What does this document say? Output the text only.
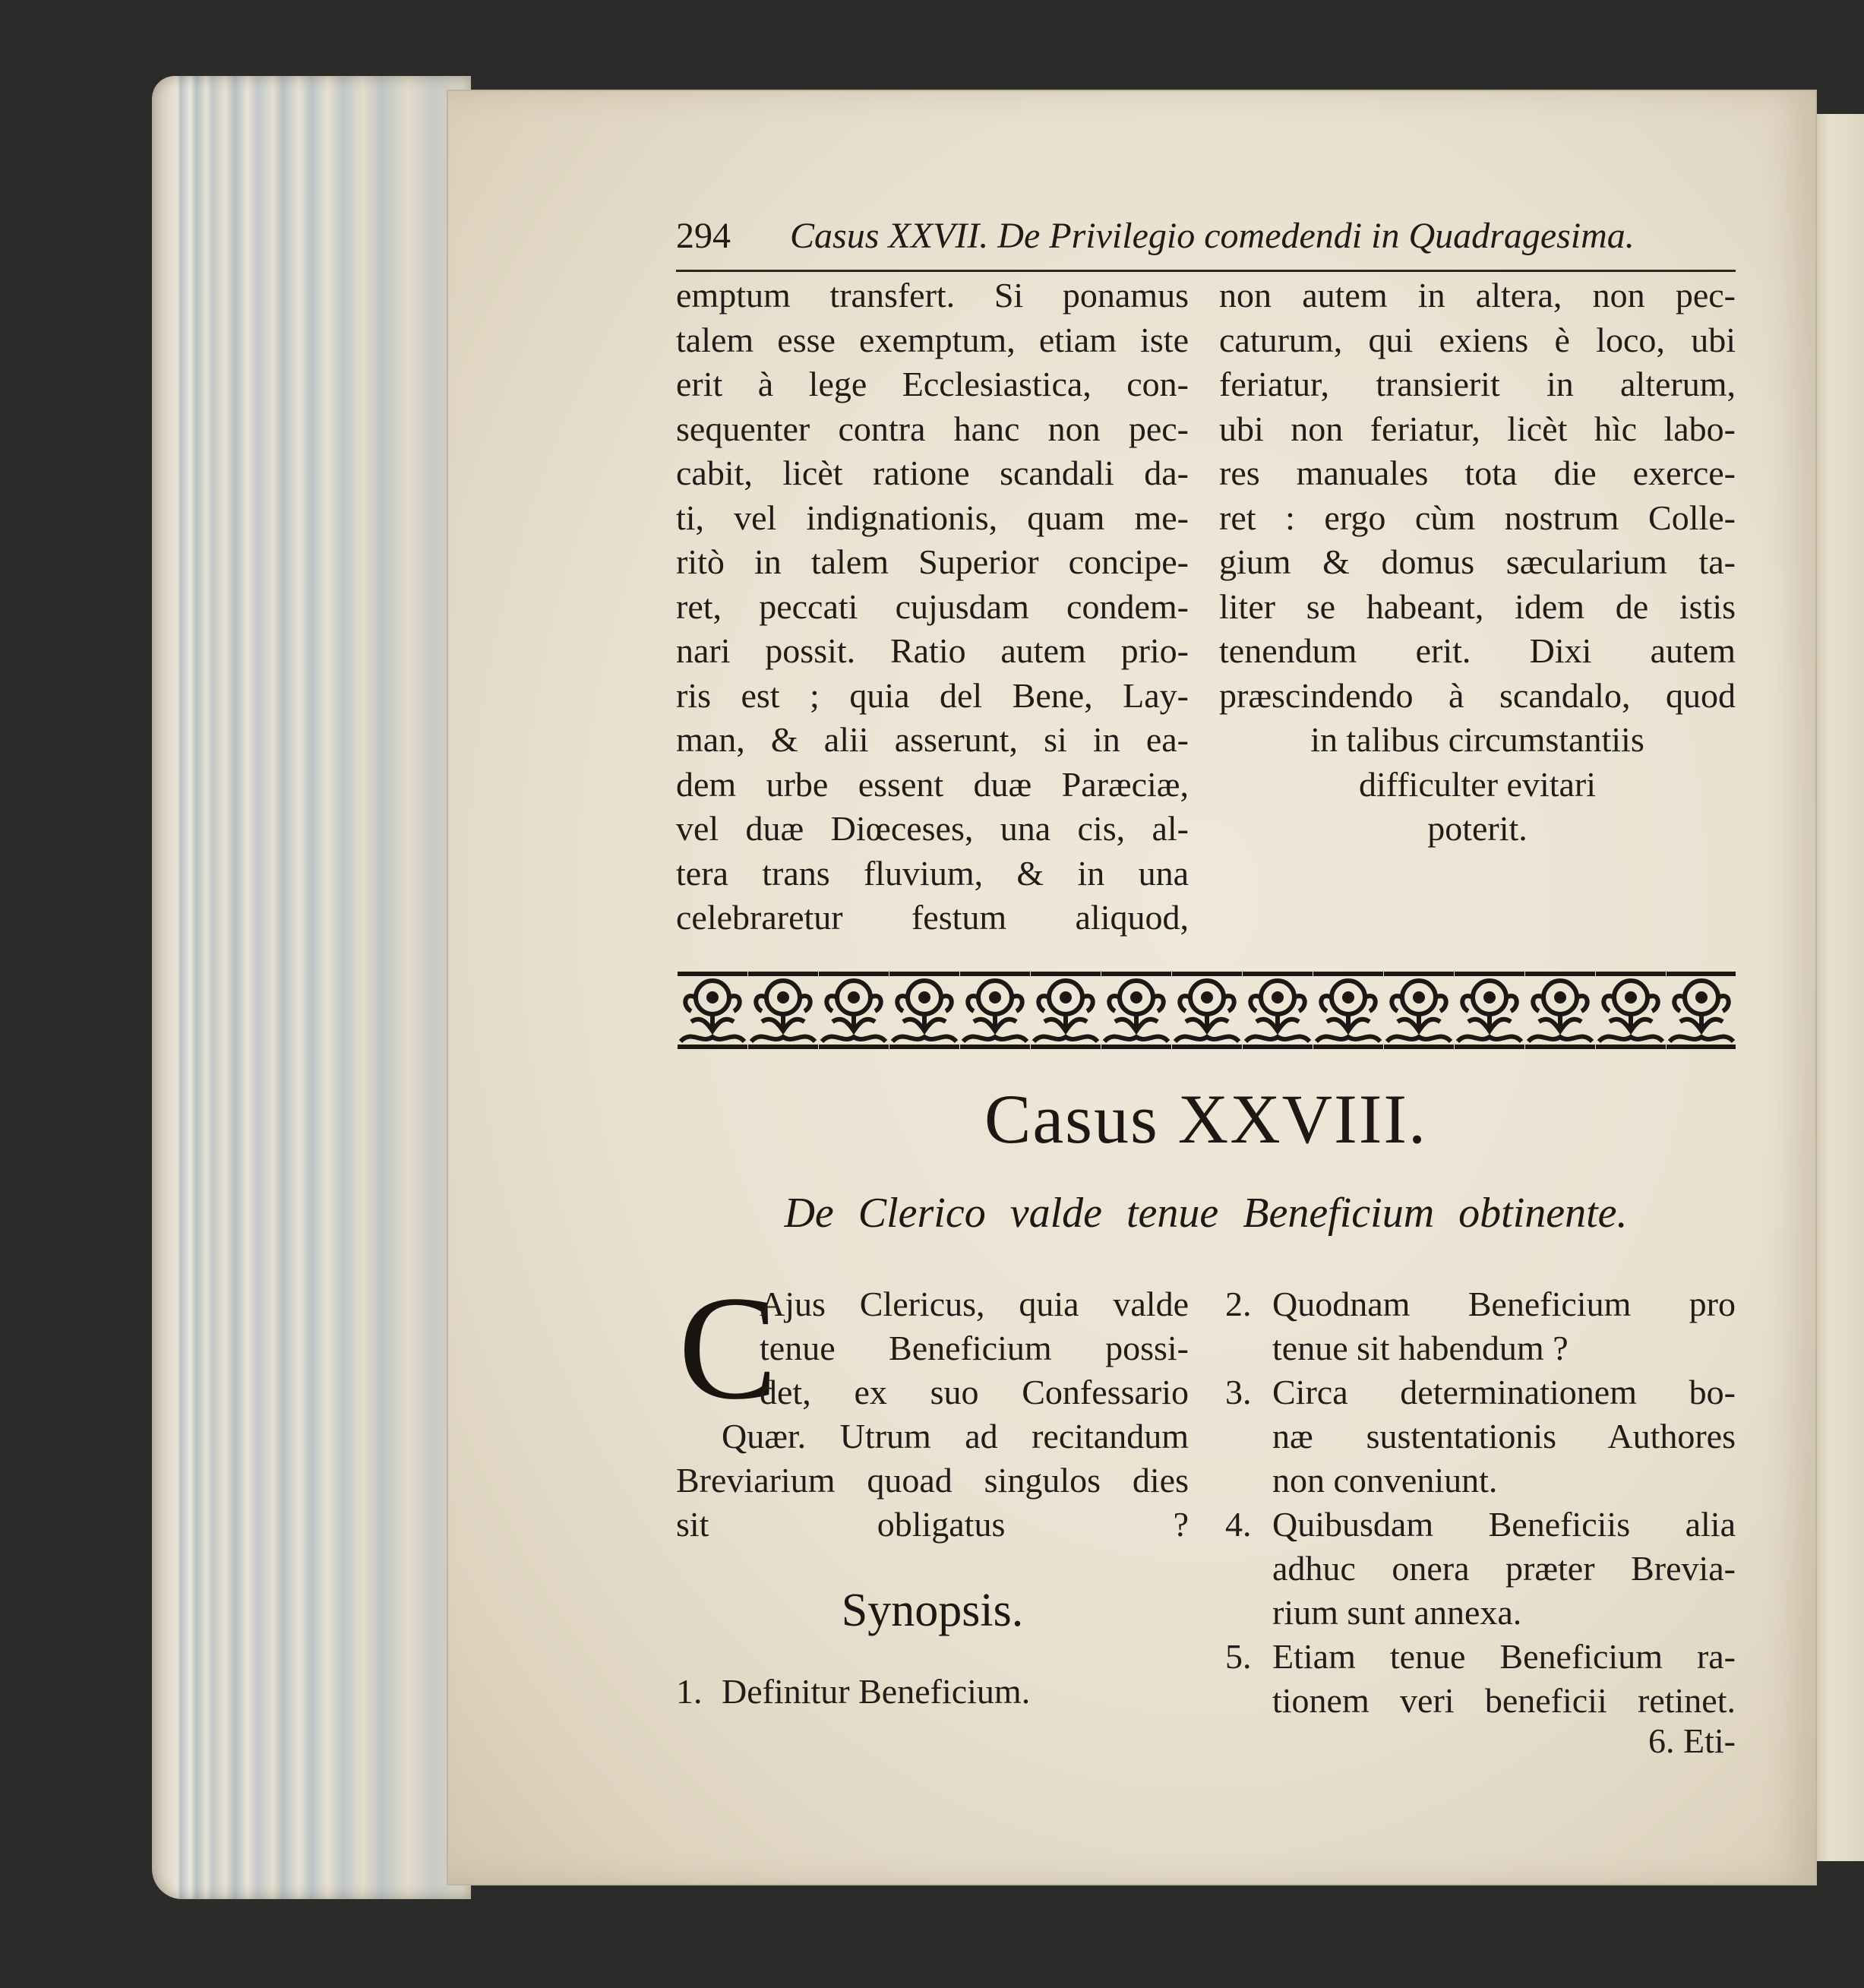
294 Casus XXVII. De Privilegio comedendi in Quadragesima.
emptum transfert. Si ponamus
talem esse exemptum, etiam iste
erit à lege Ecclesiastica, con-
sequenter contra hanc non pec-
cabit, licèt ratione scandali da-
ti, vel indignationis, quam me-
ritò in talem Superior concipe-
ret, peccati cujusdam condem-
nari possit. Ratio autem prio-
ris est ; quia del Bene, Lay-
man, & alii asserunt, si in ea-
dem urbe essent duæ Paræciæ,
vel duæ Diœceses, una cis, al-
tera trans fluvium, & in una
celebraretur festum aliquod,
non autem in altera, non pec-
caturum, qui exiens è loco, ubi
feriatur, transierit in alterum,
ubi non feriatur, licèt hìc labo-
res manuales tota die exerce-
ret : ergo cùm nostrum Colle-
gium & domus sæcularium ta-
liter se habeant, idem de istis
tenendum erit. Dixi autem
præscindendo à scandalo, quod
in talibus circumstantiis
difficulter evitari
poterit.
Casus XXVIII.
De Clerico valde tenue Beneficium obtinente.
C
Ajus Clericus, quia valde
tenue Beneficium possi-
det, ex suo Confessario
Quær. Utrum ad recitandum
Breviarium quoad singulos dies
sit obligatus ?
Synopsis.
1. Definitur Beneficium.
2. Quodnam Beneficium pro
tenue sit habendum ?
3. Circa determinationem bo-
næ sustentationis Authores
non conveniunt.
4. Quibusdam Beneficiis alia
adhuc onera præter Brevia-
rium sunt annexa.
5. Etiam tenue Beneficium ra-
tionem veri beneficii retinet.
6. Eti-
